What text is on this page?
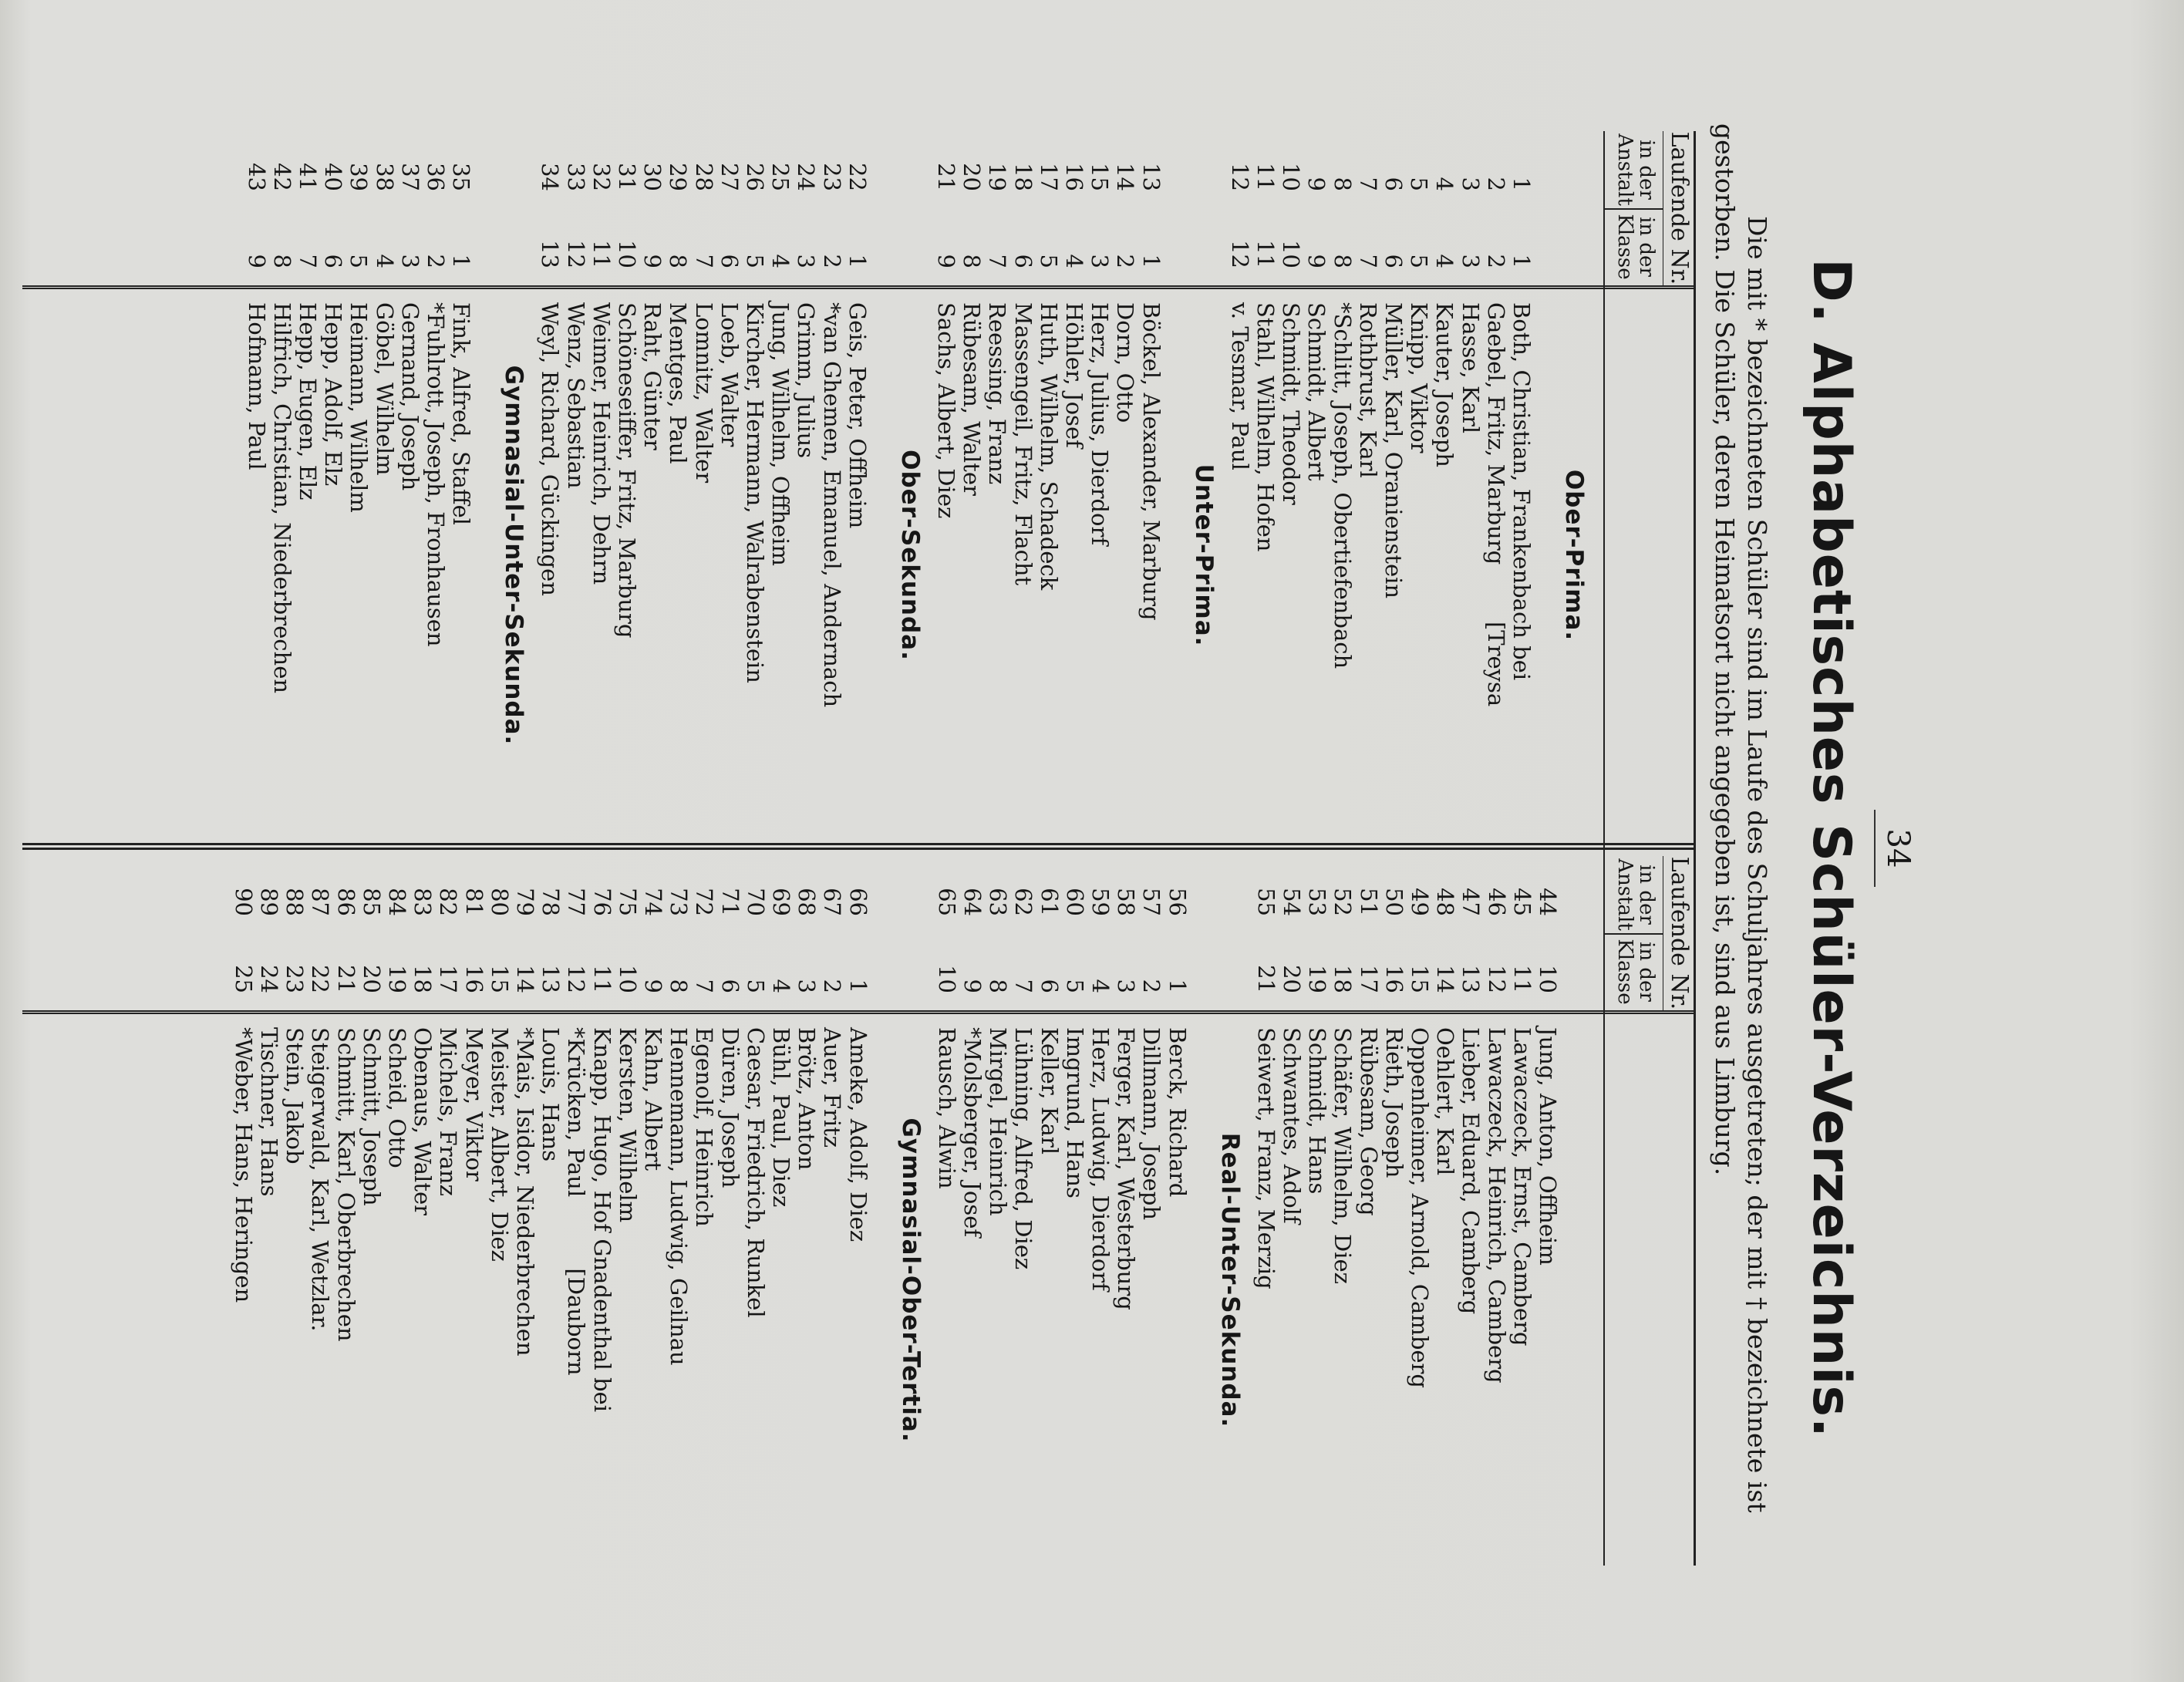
34
D. Alphabetisches Schüler-Verzeichnis.
Die mit * bezeichneten Schüler sind im Laufe des Schuljahres ausgetreten; der mit † bezeichnete ist
gestorben. Die Schüler, deren Heimatsort nicht angegeben ist, sind aus Limburg.
Laufende Nr.
in der Anstalt
in der Klasse
Laufende Nr.
in der Anstalt
in der Klasse
Ober-Prima.
1
1
Both, Christian, Frankenbach bei
2
2
Gaebel, Fritz, Marburg        [Treysa
3
3
Hasse, Karl
4
4
Kauter, Joseph
5
5
Knipp, Viktor
6
6
Müller, Karl, Oranienstein
7
7
Rothbrust, Karl
8
8
*Schlitt, Joseph, Obertiefenbach
9
9
Schmidt, Albert
10
10
Schmidt, Theodor
11
11
Stahl, Wilhelm, Hofen
12
12
v. Tesmar, Paul
Unter-Prima.
13
1
Böckel, Alexander, Marburg
14
2
Dorn, Otto
15
3
Herz, Julius, Dierdorf
16
4
Höhler, Josef
17
5
Huth, Wilhelm, Schadeck
18
6
Massengeil, Fritz, Flacht
19
7
Reessing, Franz
20
8
Rübesam, Walter
21
9
Sachs, Albert, Diez
Ober-Sekunda.
22
1
Geis, Peter, Offheim
23
2
*van Ghemen, Emanuel, Andernach
24
3
Grimm, Julius
25
4
Jung, Wilhelm, Offheim
26
5
Kircher, Hermann, Walrabenstein
27
6
Loeb, Walter
28
7
Lomnitz, Walter
29
8
Mentges, Paul
30
9
Raht, Günter
31
10
Schöneseiffer, Fritz, Marburg
32
11
Weimer, Heinrich, Dehrn
33
12
Wenz, Sebastian
34
13
Weyl, Richard, Gückingen
Gymnasial-Unter-Sekunda.
35
1
Fink, Alfred, Staffel
36
2
*Fuhlrott, Joseph, Fronhausen
37
3
Gernand, Joseph
38
4
Göbel, Wilhelm
39
5
Heimann, Wilhelm
40
6
Hepp, Adolf, Elz
41
7
Hepp, Eugen, Elz
42
8
Hilfrich, Christian, Niederbrechen
43
9
Hofmann, Paul
44
10
Jung, Anton, Offheim
45
11
Lawaczeck, Ernst, Camberg
46
12
Lawaczeck, Heinrich, Camberg
47
13
Lieber, Eduard, Camberg
48
14
Oehlert, Karl
49
15
Oppenheimer, Arnold, Camberg
50
16
Rieth, Joseph
51
17
Rübesam, Georg
52
18
Schäfer, Wilhelm, Diez
53
19
Schmidt, Hans
54
20
Schwantes, Adolf
55
21
Seiwert, Franz, Merzig
Real-Unter-Sekunda.
56
1
Berck, Richard
57
2
Dillmann, Joseph
58
3
Ferger, Karl, Westerburg
59
4
Herz, Ludwig, Dierdorf
60
5
Imgrund, Hans
61
6
Keller, Karl
62
7
Lühning, Alfred, Diez
63
8
Mirgel, Heinrich
64
9
*Molsberger, Josef
65
10
Rausch, Alwin
Gymnasial-Ober-Tertia.
66
1
Ameke, Adolf, Diez
67
2
Auer, Fritz
68
3
Brötz, Anton
69
4
Bühl, Paul, Diez
70
5
Caesar, Friedrich, Runkel
71
6
Düren, Joseph
72
7
Egenolf, Heinrich
73
8
Hennemann, Ludwig, Geilnau
74
9
Kahn, Albert
75
10
Kersten, Wilhelm
76
11
Knapp, Hugo, Hof Gnadenthal bei
77
12
*Krücken, Paul          [Dauborn
78
13
Louis, Hans
79
14
*Mais, Isidor, Niederbrechen
80
15
Meister, Albert, Diez
81
16
Meyer, Viktor
82
17
Michels, Franz
83
18
Obenaus, Walter
84
19
Scheid, Otto
85
20
Schmitt, Joseph
86
21
Schmitt, Karl, Oberbrechen
87
22
Steigerwald, Karl, Wetzlar.
88
23
Stein, Jakob
89
24
Tischner, Hans
90
25
*Weber, Hans, Heringen
